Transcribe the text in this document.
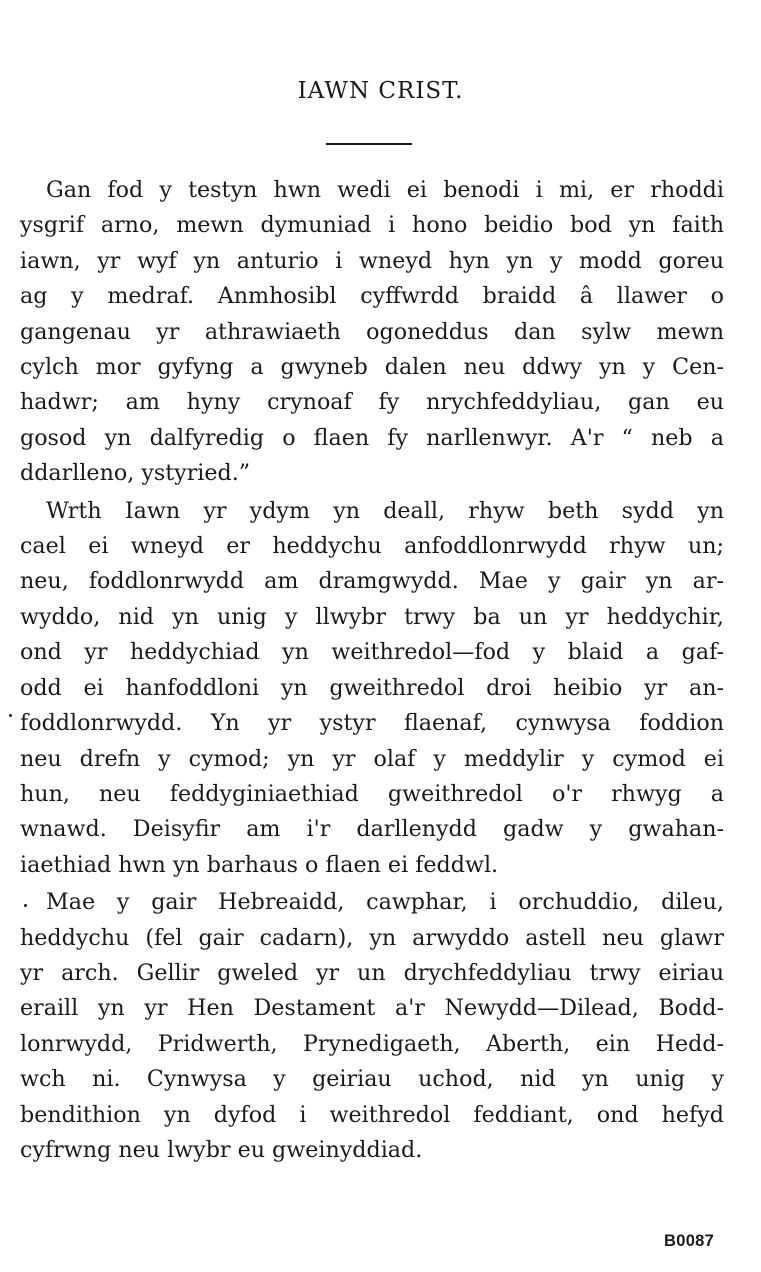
IAWN CRIST.
Gan fod y testyn hwn wedi ei benodi i mi, er rhoddi
ysgrif arno, mewn dymuniad i hono beidio bod yn faith
iawn, yr wyf yn anturio i wneyd hyn yn y modd goreu
ag y medraf. Anmhosibl cyffwrdd braidd â llawer o
gangenau yr athrawiaeth ogoneddus dan sylw mewn
cylch mor gyfyng a gwyneb dalen neu ddwy yn y Cen-
hadwr; am hyny crynoaf fy nrychfeddyliau, gan eu
gosod yn dalfyredig o flaen fy narllenwyr. A'r “ neb a
ddarlleno, ystyried.”
Wrth Iawn yr ydym yn deall, rhyw beth sydd yn
cael ei wneyd er heddychu anfoddlonrwydd rhyw un;
neu, foddlonrwydd am dramgwydd. Mae y gair yn ar-
wyddo, nid yn unig y llwybr trwy ba un yr heddychir,
ond yr heddychiad yn weithredol—fod y blaid a gaf-
odd ei hanfoddloni yn gweithredol droi heibio yr an-
foddlonrwydd. Yn yr ystyr flaenaf, cynwysa foddion
neu drefn y cymod; yn yr olaf y meddylir y cymod ei
hun, neu feddyginiaethiad gweithredol o'r rhwyg a
wnawd. Deisyfir am i'r darllenydd gadw y gwahan-
iaethiad hwn yn barhaus o flaen ei feddwl.
Mae y gair Hebreaidd, cawphar, i orchuddio, dileu,
heddychu (fel gair cadarn), yn arwyddo astell neu glawr
yr arch. Gellir gweled yr un drychfeddyliau trwy eiriau
eraill yn yr Hen Destament a'r Newydd—Dilead, Bodd-
lonrwydd, Pridwerth, Prynedigaeth, Aberth, ein Hedd-
wch ni. Cynwysa y geiriau uchod, nid yn unig y
bendithion yn dyfod i weithredol feddiant, ond hefyd
cyfrwng neu lwybr eu gweinyddiad.
B0087
